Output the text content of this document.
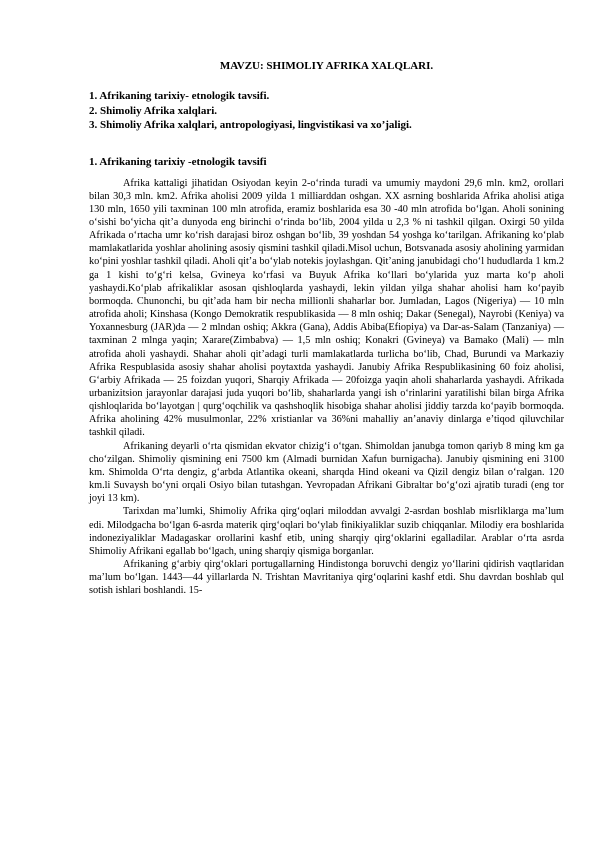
MAVZU: SHIMOLIY AFRIKA XALQLARI.
1. Afrikaning tarixiy- etnologik tavsifi.
2. Shimoliy Afrika xalqlari.
3. Shimoliy Afrika xalqlari, antropologiyasi, lingvistikasi va xo’jaligi.
1. Afrikaning tarixiy -etnologik tavsifi

Afrika kattaligi jihatidan Osiyodan keyin 2-o‘rinda turadi va umumiy maydoni 29,6 mln. km2, orollari bilan 30,3 mln. km2. Afrika aholisi 2009 yilda 1 milliarddan oshgan. XX asrning boshlarida Afrika aholisi atiga 130 mln, 1650 yili taxminan 100 mln atrofida, eramiz boshlarida esa 30 -40 mln atrofida bo‘lgan. Aholi sonining o‘sishi bo‘yicha qit’a dunyoda eng birinchi o‘rinda bo‘lib, 2004 yilda u 2,3 % ni tashkil qilgan. Oxirgi 50 yilda Afrikada o‘rtacha umr ko‘rish darajasi biroz oshgan bo‘lib, 39 yoshdan 54 yoshga ko‘tarilgan. Afrikaning ko‘plab mamlakatlarida yoshlar aholining asosiy qismini tashkil qiladi.Misol uchun, Botsvanada asosiy aholining yarmidan ko‘pini yoshlar tashkil qiladi. Aholi qit’a bo‘ylab notekis joylashgan. Qit’aning janubidagi cho‘l hududlarda 1 km.2 ga 1 kishi to‘g‘ri kelsa, Gvineya ko‘rfasi va Buyuk Afrika ko‘llari bo‘ylarida yuz marta ko‘p aholi yashaydi.Ko‘plab afrikaliklar asosan qishloqlarda yashaydi, lekin yildan yilga shahar aholisi ham ko‘payib bormoqda. Chunonchi, bu qit’ada ham bir necha millionli shaharlar bor. Jumladan, Lagos (Nigeriya) — 10 mln atrofida aholi; Kinshasa (Kongo Demokratik respublikasida — 8 mln oshiq; Dakar (Senegal), Nayrobi (Keniya) va Yoxannesburg (JAR)da — 2 mlndan oshiq; Akkra (Gana), Addis Abiba(Efiopiya) va Dar-as-Salam (Tanzaniya) — taxminan 2 mlnga yaqin; Xarare(Zimbabva) — 1,5 mln oshiq; Konakri (Gvineya) va Bamako (Mali) — mln atrofida aholi yashaydi. Shahar aholi qit’adagi turli mamlakatlarda turlicha bo‘lib, Chad, Burundi va Markaziy Afrika Respublasida asosiy shahar aholisi poytaxtda yashaydi. Janubiy Afrika Respublikasining 60 foiz aholisi, G‘arbiy Afrikada — 25 foizdan yuqori, Sharqiy Afrikada — 20foizga yaqin aholi shaharlarda yashaydi. Afrikada urbanizitsion jarayonlar darajasi juda yuqori bo‘lib, shaharlarda yangi ish o‘rinlarini yaratilishi bilan birga Afrika qishloqlarida bo‘layotgan | qurg‘oqchilik va qashshoqlik hisobiga shahar aholisi jiddiy tarzda ko‘payib bormoqda. Afrika aholining 42% musulmonlar, 22% xristianlar va 36%ni mahalliy an’anaviy dinlarga e’tiqod qiluvchilar tashkil qiladi.

Afrikaning deyarli o‘rta qismidan ekvator chizig‘i o‘tgan. Shimoldan janubga tomon qariyb 8 ming km ga cho‘zilgan. Shimoliy qismining eni 7500 km (Almadi burnidan Xafun burnigacha). Janubiy qismining eni 3100 km. Shimolda O‘rta dengiz, g‘arbda Atlantika okeani, sharqda Hind okeani va Qizil dengiz bilan o‘ralgan. 120 km.li Suvaysh bo‘yni orqali Osiyo bilan tutashgan. Yevropadan Afrikani Gibraltar bo‘g‘ozi ajratib turadi (eng tor joyi 13 km).

Tarixdan ma’lumki, Shimoliy Afrika qirg‘oqlari miloddan avvalgi 2-asrdan boshlab misrliklarga ma’lum edi. Milodgacha bo‘lgan 6-asrda materik qirg‘oqlari bo‘ylab finikiyaliklar suzib chiqqanlar. Milodiy era boshlarida indoneziyaliklar Madagaskar orollarini kashf etib, uning sharqiy qirg‘oklarini egalladilar. Arablar o‘rta asrda Shimoliy Afrikani egallab bo‘lgach, uning sharqiy qismiga borganlar.

Afrikaning g‘arbiy qirg‘oklari portugallarning Hindistonga boruvchi dengiz yo‘llarini qidirish vaqtlaridan ma’lum bo‘lgan. 1443—44 yillarlarda N. Trishtan Mavritaniya qirg‘oqlarini kashf etdi. Shu davrdan boshlab qul sotish ishlari boshlandi. 15-
